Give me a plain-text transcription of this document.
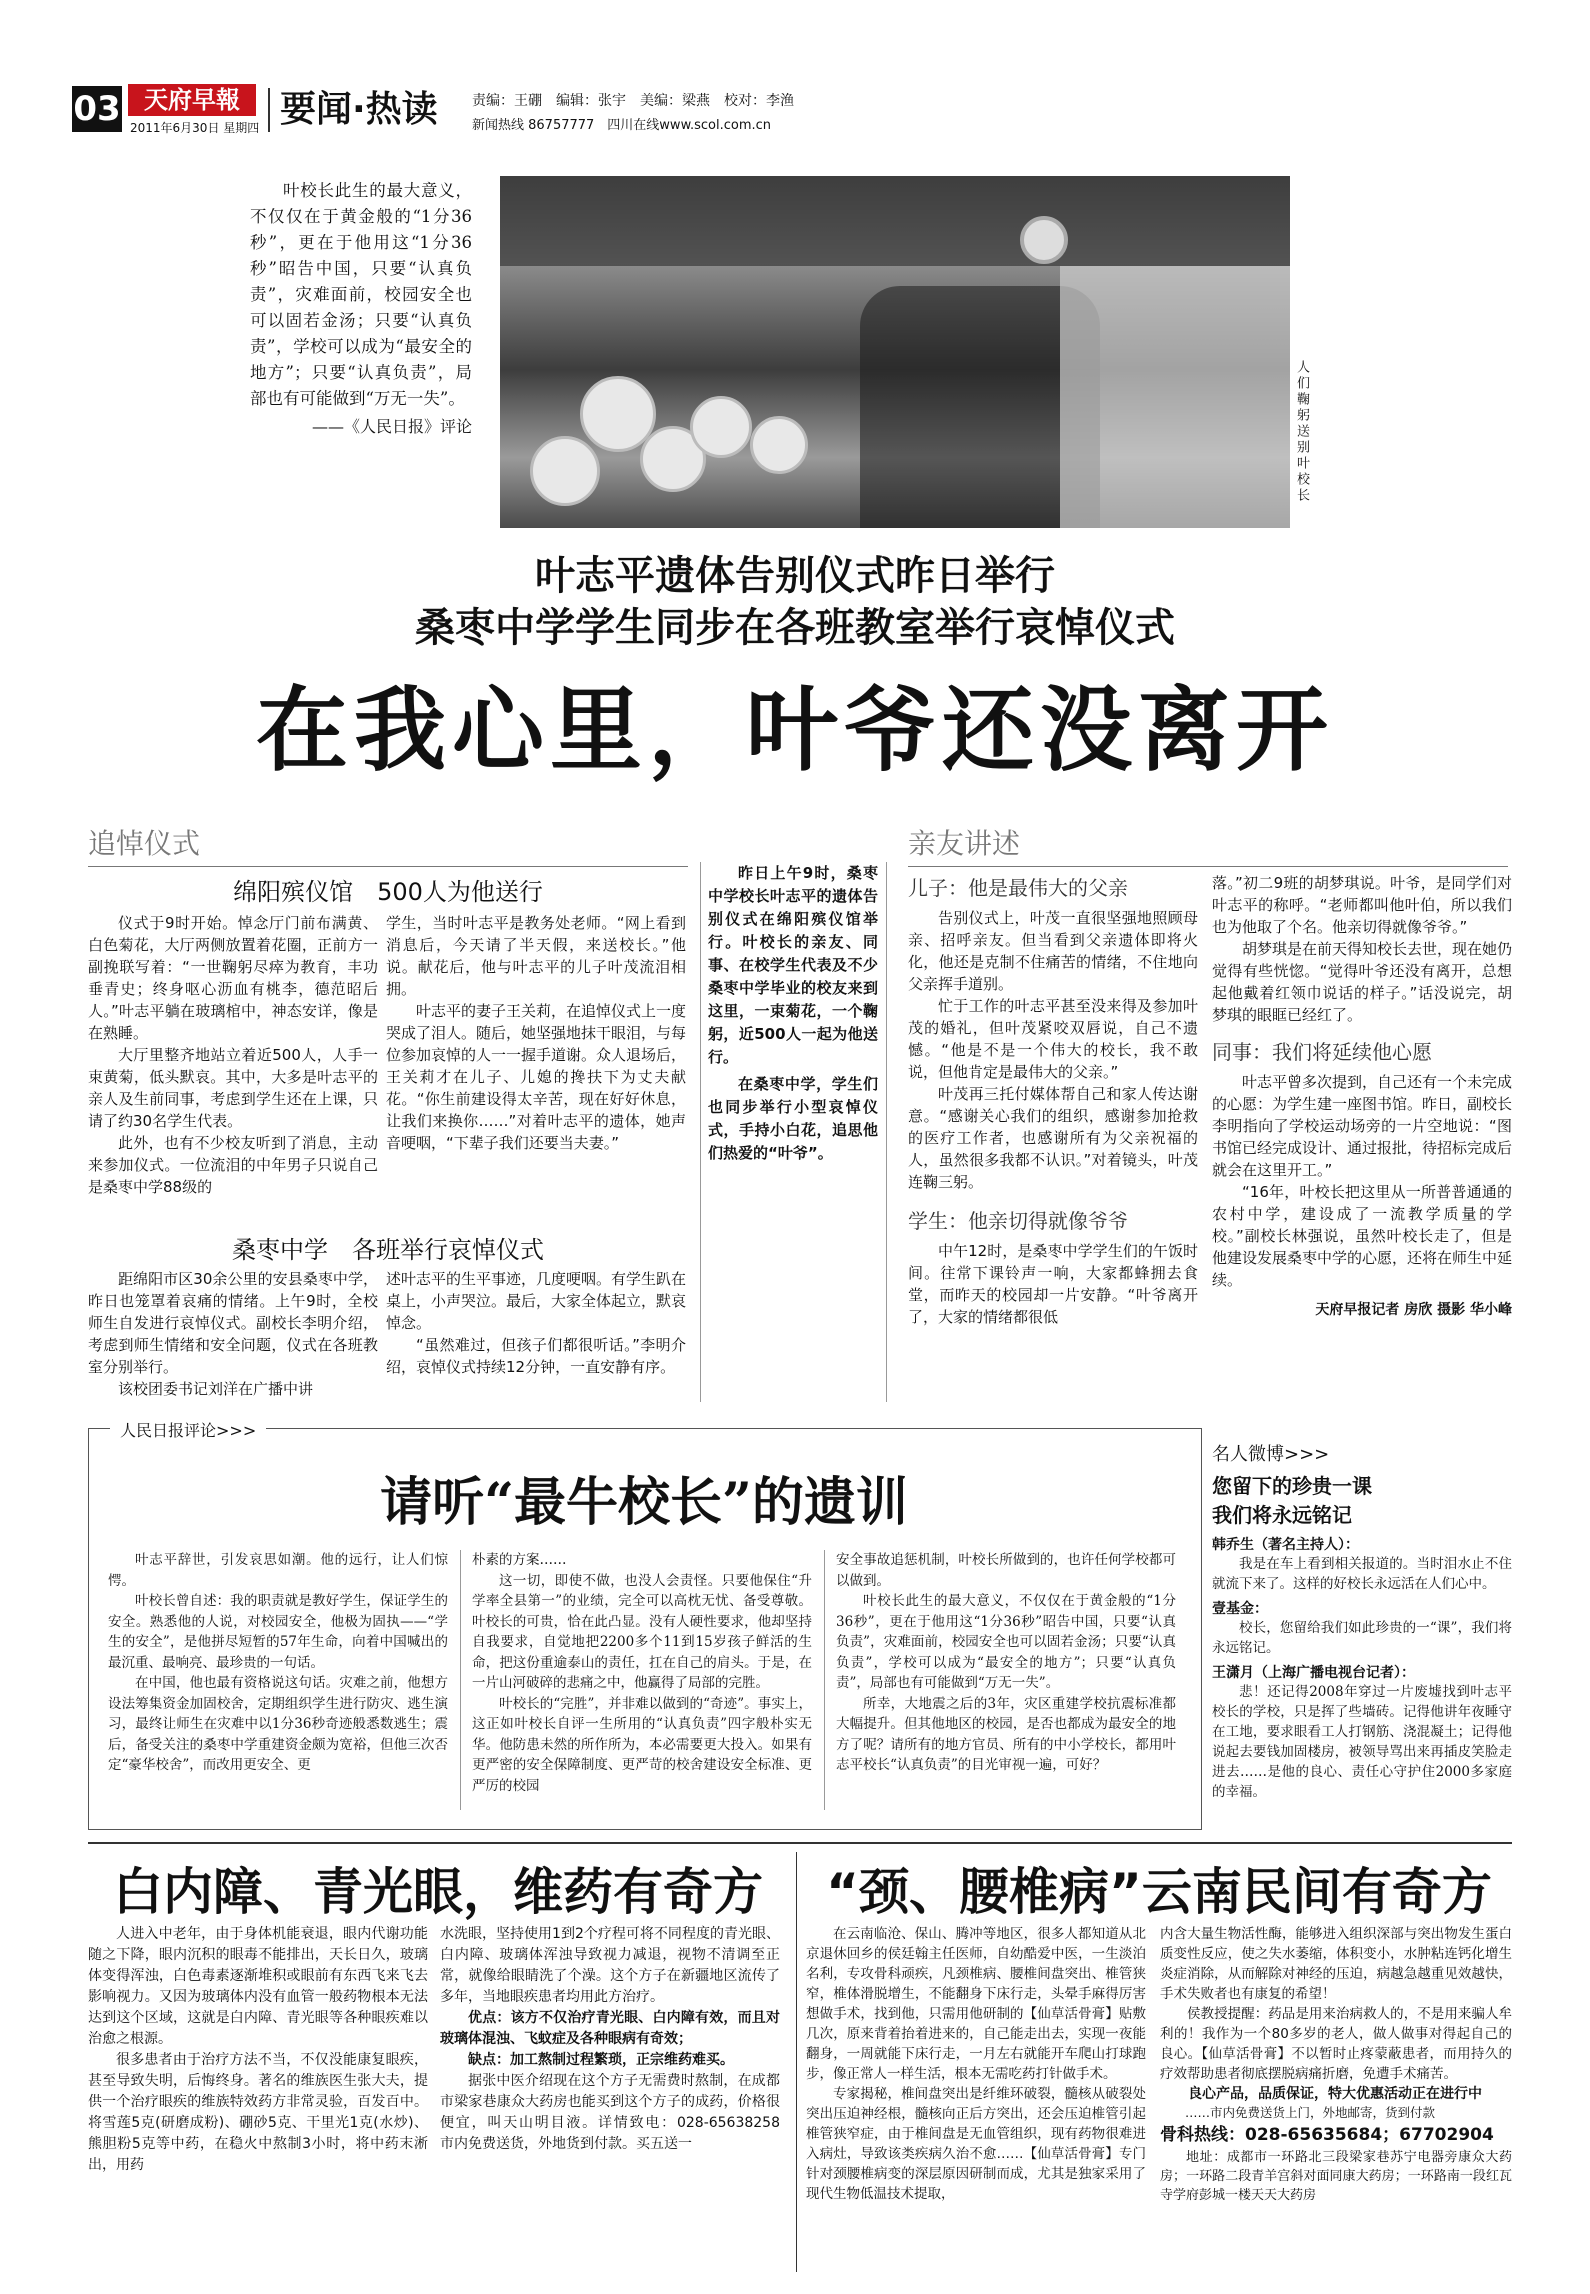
03 天府早報
2011年6月30日 星期四 要闻·热读 责编：王硼　编辑：张宇　美编：梁燕　校对：李渔
新闻热线 86757777　四川在线www.scol.com.cn

叶校长此生的最大意义，不仅仅在于黄金般的“1分36秒”，更在于他用这“1分36秒”昭告中国，只要“认真负责”，灾难面前，校园安全也可以固若金汤；只要“认真负责”，学校可以成为“最安全的地方”；只要“认真负责”，局部也有可能做到“万无一失”。

——《人民日报》评论	人们鞠躬送别叶校长
叶志平遗体告别仪式昨日举行
桑枣中学学生同步在各班教室举行哀悼仪式
在我心里，叶爷还没离开
追悼仪式
绵阳殡仪馆　500人为他送行

仪式于9时开始。悼念厅门前布满黄、白色菊花，大厅两侧放置着花圈，正前方一副挽联写着：“一世鞠躬尽瘁为教育，丰功垂青史；终身呕心沥血有桃李，德范昭后人。”叶志平躺在玻璃棺中，神态安详，像是在熟睡。

大厅里整齐地站立着近500人，人手一束黄菊，低头默哀。其中，大多是叶志平的亲人及生前同事，考虑到学生还在上课，只请了约30名学生代表。

此外，也有不少校友听到了消息，主动来参加仪式。一位流泪的中年男子只说自己是桑枣中学88级的

学生，当时叶志平是教务处老师。“网上看到消息后，今天请了半天假，来送校长。”他说。献花后，他与叶志平的儿子叶茂流泪相拥。

叶志平的妻子王关莉，在追悼仪式上一度哭成了泪人。随后，她坚强地抹干眼泪，与每位参加哀悼的人一一握手道谢。众人退场后，王关莉才在儿子、儿媳的搀扶下为丈夫献花。“你生前建设得太辛苦，现在好好休息，让我们来换你……”对着叶志平的遗体，她声音哽咽，“下辈子我们还要当夫妻。”

桑枣中学　各班举行哀悼仪式

距绵阳市区30余公里的安县桑枣中学，昨日也笼罩着哀痛的情绪。上午9时，全校师生自发进行哀悼仪式。副校长李明介绍，考虑到师生情绪和安全问题，仪式在各班教室分别举行。

该校团委书记刘洋在广播中讲

述叶志平的生平事迹，几度哽咽。有学生趴在桌上，小声哭泣。最后，大家全体起立，默哀悼念。

“虽然难过，但孩子们都很听话。”李明介绍，哀悼仪式持续12分钟，一直安静有序。

昨日上午9时，桑枣中学校长叶志平的遗体告别仪式在绵阳殡仪馆举行。叶校长的亲友、同事、在校学生代表及不少桑枣中学毕业的校友来到这里，一束菊花，一个鞠躬，近500人一起为他送行。

在桑枣中学，学生们也同步举行小型哀悼仪式，手持小白花，追思他们热爱的“叶爷”。

亲友讲述
儿子：他是最伟大的父亲

告别仪式上，叶茂一直很坚强地照顾母亲、招呼亲友。但当看到父亲遗体即将火化，他还是克制不住痛苦的情绪，不住地向父亲挥手道别。

忙于工作的叶志平甚至没来得及参加叶茂的婚礼，但叶茂紧咬双唇说，自己不遗憾。“他是不是一个伟大的校长，我不敢说，但他肯定是最伟大的父亲。”

叶茂再三托付媒体帮自己和家人传达谢意。“感谢关心我们的组织，感谢参加抢救的医疗工作者，也感谢所有为父亲祝福的人，虽然很多我都不认识。”对着镜头，叶茂连鞠三躬。

学生：他亲切得就像爷爷

中午12时，是桑枣中学学生们的午饭时间。往常下课铃声一响，大家都蜂拥去食堂，而昨天的校园却一片安静。“叶爷离开了，大家的情绪都很低

落。”初二9班的胡梦琪说。叶爷，是同学们对叶志平的称呼。“老师都叫他叶伯，所以我们也为他取了个名。他亲切得就像爷爷。”

胡梦琪是在前天得知校长去世，现在她仍觉得有些恍惚。“觉得叶爷还没有离开，总想起他戴着红领巾说话的样子。”话没说完，胡梦琪的眼眶已经红了。

同事：我们将延续他心愿

叶志平曾多次提到，自己还有一个未完成的心愿：为学生建一座图书馆。昨日，副校长李明指向了学校运动场旁的一片空地说：“图书馆已经完成设计、通过报批，待招标完成后就会在这里开工。”

“16年，叶校长把这里从一所普普通通的农村中学，建设成了一流教学质量的学校。”副校长林强说，虽然叶校长走了，但是他建设发展桑枣中学的心愿，还将在师生中延续。

天府早报记者 房欣 摄影 华小峰
人民日报评论>>>
请听“最牛校长”的遗训

叶志平辞世，引发哀思如潮。他的远行，让人们惊愕。

叶校长曾自述：我的职责就是教好学生，保证学生的安全。熟悉他的人说，对校园安全，他极为固执——“学生的安全”，是他拼尽短暂的57年生命，向着中国喊出的最沉重、最响亮、最珍贵的一句话。

在中国，他也最有资格说这句话。灾难之前，他想方设法筹集资金加固校舍，定期组织学生进行防灾、逃生演习，最终让师生在灾难中以1分36秒奇迹般悉数逃生；震后，备受关注的桑枣中学重建资金颇为宽裕，但他三次否定“豪华校舍”，而改用更安全、更

朴素的方案……

这一切，即使不做，也没人会责怪。只要他保住“升学率全县第一”的业绩，完全可以高枕无忧、备受尊敬。叶校长的可贵，恰在此凸显。没有人硬性要求，他却坚持自我要求，自觉地把2200多个11到15岁孩子鲜活的生命，把这份重逾泰山的责任，扛在自己的肩头。于是，在一片山河破碎的悲痛之中，他赢得了局部的完胜。

叶校长的“完胜”，并非难以做到的“奇迹”。事实上，这正如叶校长自评一生所用的“认真负责”四字般朴实无华。他防患未然的所作所为，本必需要更大投入。如果有更严密的安全保障制度、更严苛的校舍建设安全标准、更严厉的校园

安全事故追惩机制，叶校长所做到的，也许任何学校都可以做到。

叶校长此生的最大意义，不仅仅在于黄金般的“1分36秒”，更在于他用这“1分36秒”昭告中国，只要“认真负责”，灾难面前，校园安全也可以固若金汤；只要“认真负责”，学校可以成为“最安全的地方”；只要“认真负责”，局部也有可能做到“万无一失”。

所幸，大地震之后的3年，灾区重建学校抗震标准都大幅提升。但其他地区的校园，是否也都成为最安全的地方了呢？请所有的地方官员、所有的中小学校长，都用叶志平校长“认真负责”的目光审视一遍，可好？

名人微博>>>
您留下的珍贵一课
我们将永远铭记
韩乔生（著名主持人）：

我是在车上看到相关报道的。当时泪水止不住就流下来了。这样的好校长永远活在人们心中。

壹基金：

校长，您留给我们如此珍贵的一“课”，我们将永远铭记。

王潇月（上海广播电视台记者）：

悲！还记得2008年穿过一片废墟找到叶志平校长的学校，只是挥了些墙砖。记得他讲年夜睡守在工地，要求眼看工人打钢筋、浇混凝土；记得他说起去要钱加固楼房，被领导骂出来再插皮笑脸走进去……是他的良心、责任心守护住2000多家庭的幸福。

白内障、青光眼，维药有奇方

人进入中老年，由于身体机能衰退，眼内代谢功能随之下降，眼内沉积的眼毒不能排出，天长日久，玻璃体变得浑浊，白色毒素逐渐堆积或眼前有东西飞来飞去影响视力。又因为玻璃体内没有血管一般药物根本无法达到这个区域，这就是白内障、青光眼等各种眼疾难以治愈之根源。

很多患者由于治疗方法不当，不仅没能康复眼疾，甚至导致失明，后悔终身。著名的维族医生张大夫，提供一个治疗眼疾的维族特效药方非常灵验，百发百中。将雪莲5克(研磨成粉)、硼砂5克、干里光1克(水炒)、熊胆粉5克等中药，在稳火中熬制3小时，将中药末淅出，用药

水洗眼，坚持使用1到2个疗程可将不同程度的青光眼、白内障、玻璃体浑浊导致视力减退，视物不清调至正常，就像给眼睛洗了个澡。这个方子在新疆地区流传了多年，当地眼疾患者均用此方治疗。

优点：该方不仅治疗青光眼、白内障有效，而且对玻璃体混浊、飞蚊症及各种眼病有奇效；

缺点：加工熬制过程繁琐，正宗维药难买。

据张中医介绍现在这个方子无需费时熬制，在成都市梁家巷康众大药房也能买到这个方子的成药，价格很便宜，叫天山明目液。详情致电：028-65638258　市内免费送货，外地货到付款。买五送一

“颈、腰椎病”云南民间有奇方

在云南临沧、保山、腾冲等地区，很多人都知道从北京退休回乡的侯廷翰主任医师，自幼酷爱中医，一生淡泊名利，专攻骨科顽疾，凡颈椎病、腰椎间盘突出、椎管狭窄，椎体滑脱增生，不能翻身下床行走，头晕手麻得厉害想做手术，找到他，只需用他研制的【仙草活骨膏】贴敷几次，原来背着抬着进来的，自己能走出去，实现一夜能翻身，一周就能下床行走，一月左右就能开车爬山打球跑步，像正常人一样生活，根本无需吃药打针做手术。

专家揭秘，椎间盘突出是纤维环破裂，髓核从破裂处突出压迫神经根，髓核向正后方突出，还会压迫椎管引起椎管狭窄症，由于椎间盘是无血管组织，现有药物很难进入病灶，导致该类疾病久治不愈……【仙草活骨膏】专门针对颈腰椎病变的深层原因研制而成，尤其是独家采用了现代生物低温技术提取，

内含大量生物活性酶，能够进入组织深部与突出物发生蛋白质变性反应，使之失水萎缩，体积变小，水肿粘连钙化增生炎症消除，从而解除对神经的压迫，病越急越重见效越快，手术失败者也有康复的希望！

侯教授提醒：药品是用来治病救人的，不是用来骗人牟利的！我作为一个80多岁的老人，做人做事对得起自己的良心。【仙草活骨膏】不以暂时止疼蒙蔽患者，而用持久的疗效帮助患者彻底摆脱病痛折磨，免遭手术痛苦。

良心产品，品质保证，特大优惠活动正在进行中

……市内免费送货上门，外地邮寄，货到付款

骨科热线：028-65635684；67702904

地址：成都市一环路北三段梁家巷苏宁电器旁康众大药房；一环路二段青羊宫斜对面同康大药房；一环路南一段红瓦寺学府彭城一楼天天大药房
